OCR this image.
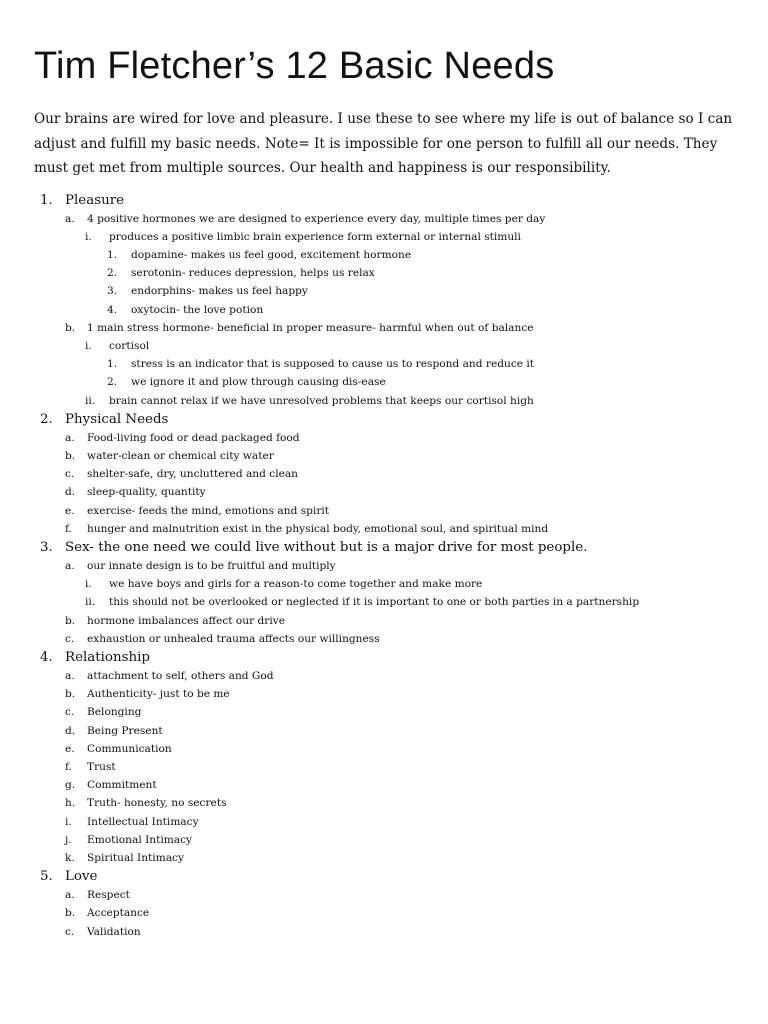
Tim Fletcher’s 12 Basic Needs

Our brains are wired for love and pleasure. I use these to see where my life is out of balance so I can adjust and fulfill my basic needs. Note= It is impossible for one person to fulfill all our needs. They must get met from multiple sources. Our health and happiness is our responsibility.

1. Pleasure
a.	4 positive hormones we are designed to experience every day, multiple times per day
i.	produces a positive limbic brain experience form external or internal stimuli
1.	dopamine- makes us feel good, excitement hormone
2.	serotonin- reduces depression, helps us relax
3.	endorphins- makes us feel happy
4.	oxytocin- the love potion
b.	1 main stress hormone- beneficial in proper measure- harmful when out of balance
i.	cortisol
1.	stress is an indicator that is supposed to cause us to respond and reduce it
2.	we ignore it and plow through causing dis-ease
ii.	brain cannot relax if we have unresolved problems that keeps our cortisol high
2. Physical Needs
a.	Food-living food or dead packaged food
b.	water-clean or chemical city water
c.	shelter-safe, dry, uncluttered and clean
d.	sleep-quality, quantity
e.	exercise- feeds the mind, emotions and spirit
f.	hunger and malnutrition exist in the physical body, emotional soul, and spiritual mind
3. Sex- the one need we could live without but is a major drive for most people.
a.	our innate design is to be fruitful and multiply
i.	we have boys and girls for a reason-to come together and make more
ii.	this should not be overlooked or neglected if it is important to one or both parties in a partnership
b.	hormone imbalances affect our drive
c.	exhaustion or unhealed trauma affects our willingness
4. Relationship
a.	attachment to self, others and God
b.	Authenticity- just to be me
c.	Belonging
d.	Being Present
e.	Communication
f.	Trust
g.	Commitment
h.	Truth- honesty, no secrets
i.	Intellectual Intimacy
j.	Emotional Intimacy
k.	Spiritual Intimacy
5. Love
a.	Respect
b.	Acceptance
c.	Validation
